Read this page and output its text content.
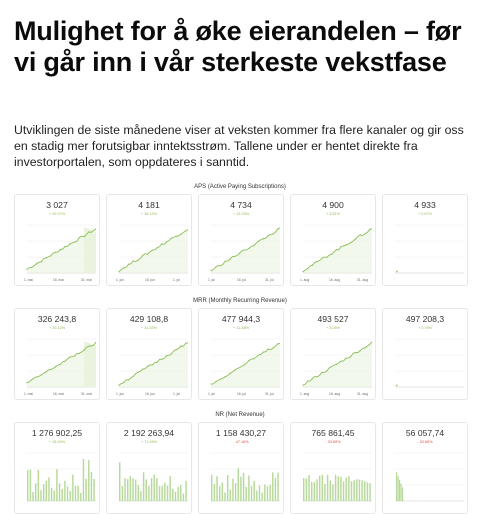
Mulighet for å øke eierandelen – før vi går inn i vår sterkeste vekstfase

Utviklingen de siste månedene viser at veksten kommer fra flere kanaler og gir oss en stadig mer forutsigbar inntektsstrøm. Tallene under er hentet direkte fra investorportalen, som oppdateres i sanntid.

APS (Active Paying Subscriptions)
MRR (Monthly Recurring Revenue)
NR (Net Revenue)
3 027
+ 20.07%
1. mai	16. mai	31. mai
4 181
+ 38.12%
1. jun	16. jun	1. jul
4 734
+ 13.23%
1. jul	16. jul	31. jul
4 900
+ 3.51%
1. aug	16. aug	31. aug
4 933
+ 0.67%
326 243,8
+ 20.12%
1. mai	16. mai	31. mai
429 108,8
+ 31.53%
1. jun	16. jun	1. jul
477 944,3
+ 11.38%
1. jul	16. jul	31. jul
493 527
+ 3.26%
1. aug	16. aug	31. aug
497 208,3
+ 0.75%
1 276 902,25
+ 18.40%
2 192 263,94
+ 71.69%
1 158 430,27
- 47.16%
765 861,45
- 33.89%
56 057,74
- 92.68%
